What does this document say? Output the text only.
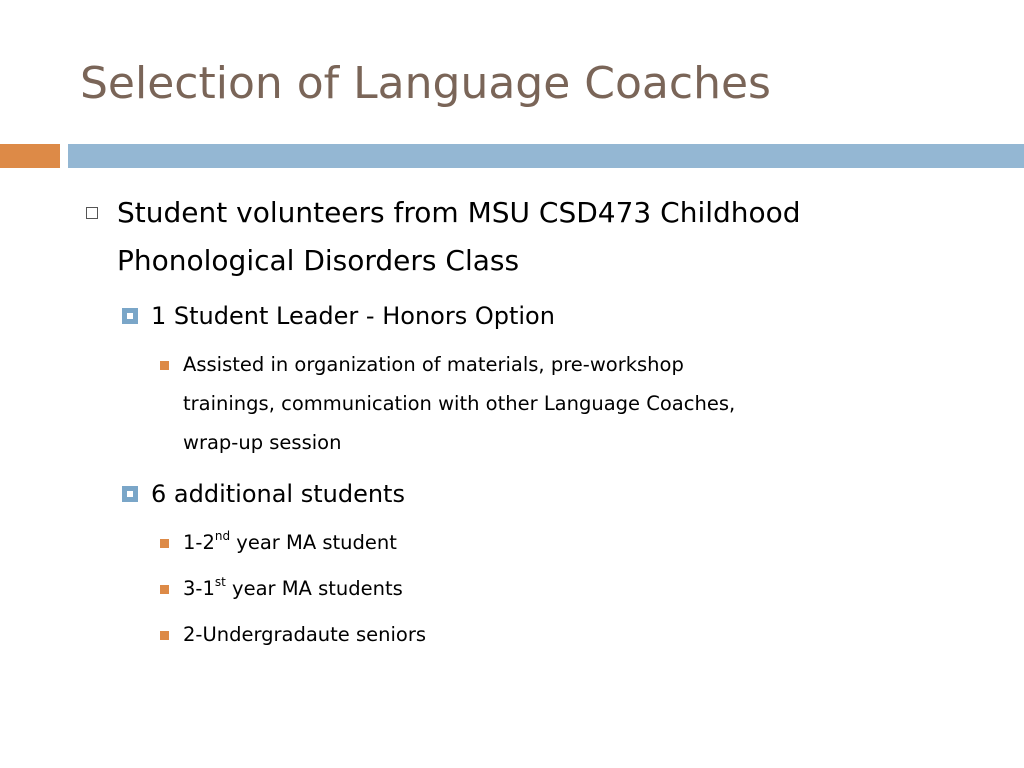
Selection of Language Coaches
Student volunteers from MSU CSD473 Childhood
Phonological Disorders Class
1 Student Leader - Honors Option
Assisted in organization of materials, pre-workshop
trainings, communication with other Language Coaches,
wrap-up session
6 additional students
1-2nd year MA student
3-1st year MA students
2-Undergradaute seniors
